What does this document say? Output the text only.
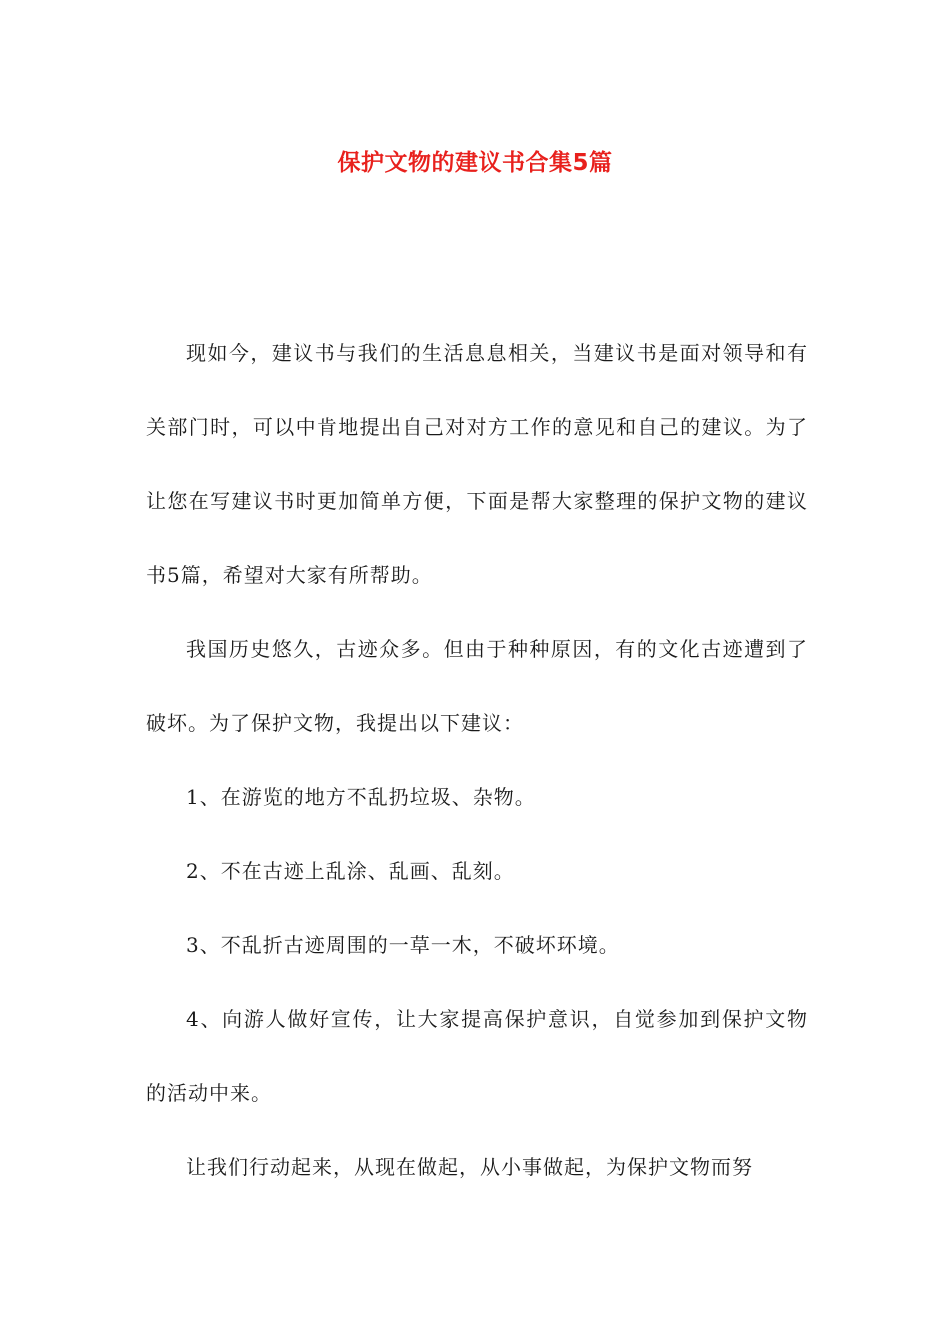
保护文物的建议书合集5篇

现如今，建议书与我们的生活息息相关，当建议书是面对领导和有关部门时，可以中肯地提出自己对对方工作的意见和自己的建议。为了让您在写建议书时更加简单方便，下面是帮大家整理的保护文物的建议书5篇，希望对大家有所帮助。

我国历史悠久，古迹众多。但由于种种原因，有的文化古迹遭到了破坏。为了保护文物，我提出以下建议：

1、在游览的地方不乱扔垃圾、杂物。

2、不在古迹上乱涂、乱画、乱刻。

3、不乱折古迹周围的一草一木，不破坏环境。

4、向游人做好宣传，让大家提高保护意识，自觉参加到保护文物的活动中来。

让我们行动起来，从现在做起，从小事做起，为保护文物而努
